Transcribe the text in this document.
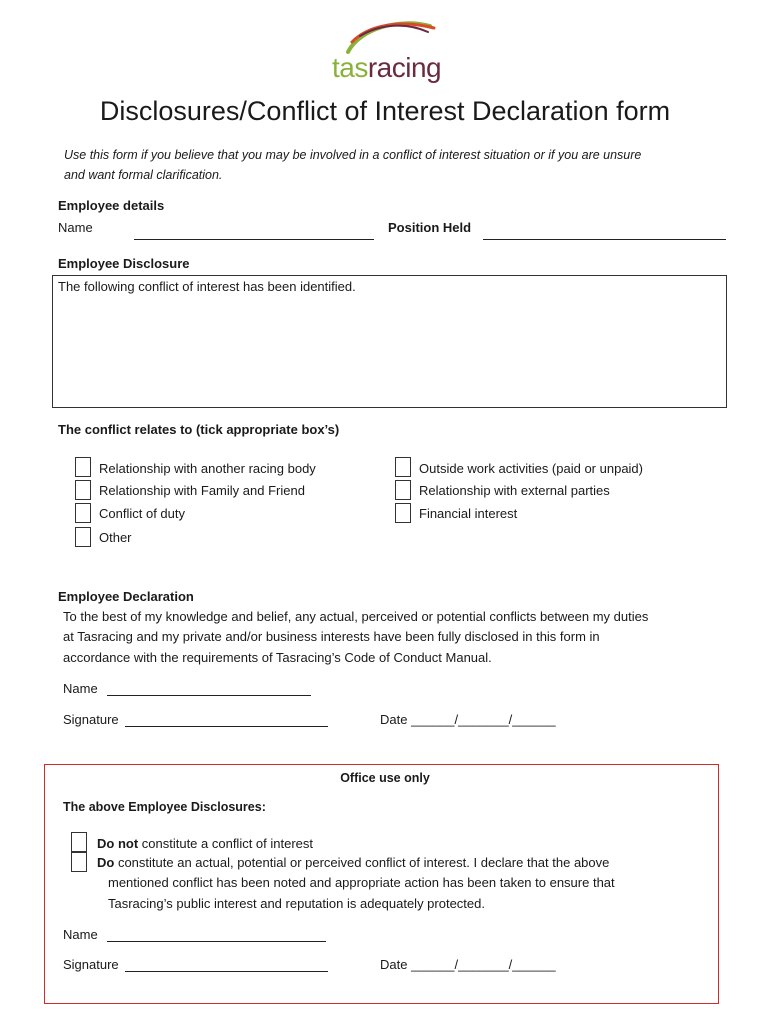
tasracing
Disclosures/Conflict of Interest Declaration form
Use this form if you believe that you may be involved in a conflict of interest situation or if you are unsure
and want formal clarification.
Employee details
Name	Position Held
Employee Disclosure
The following conflict of interest has been identified.
The conflict relates to (tick appropriate box’s)
Relationship with another racing body
Relationship with Family and Friend
Conflict of duty
Other
Outside work activities (paid or unpaid)
Relationship with external parties
Financial interest
Employee Declaration
To the best of my knowledge and belief, any actual, perceived or potential conflicts between my duties
at Tasracing and my private and/or business interests have been fully disclosed in this form in
accordance with the requirements of Tasracing’s Code of Conduct Manual.
Name
Signature	Date ______/_______/______
Office use only
The above Employee Disclosures:
Do not constitute a conflict of interest
Do constitute an actual, potential or perceived conflict of interest. I declare that the above
mentioned conflict has been noted and appropriate action has been taken to ensure that
Tasracing’s public interest and reputation is adequately protected.
Name
Signature	Date ______/_______/______
